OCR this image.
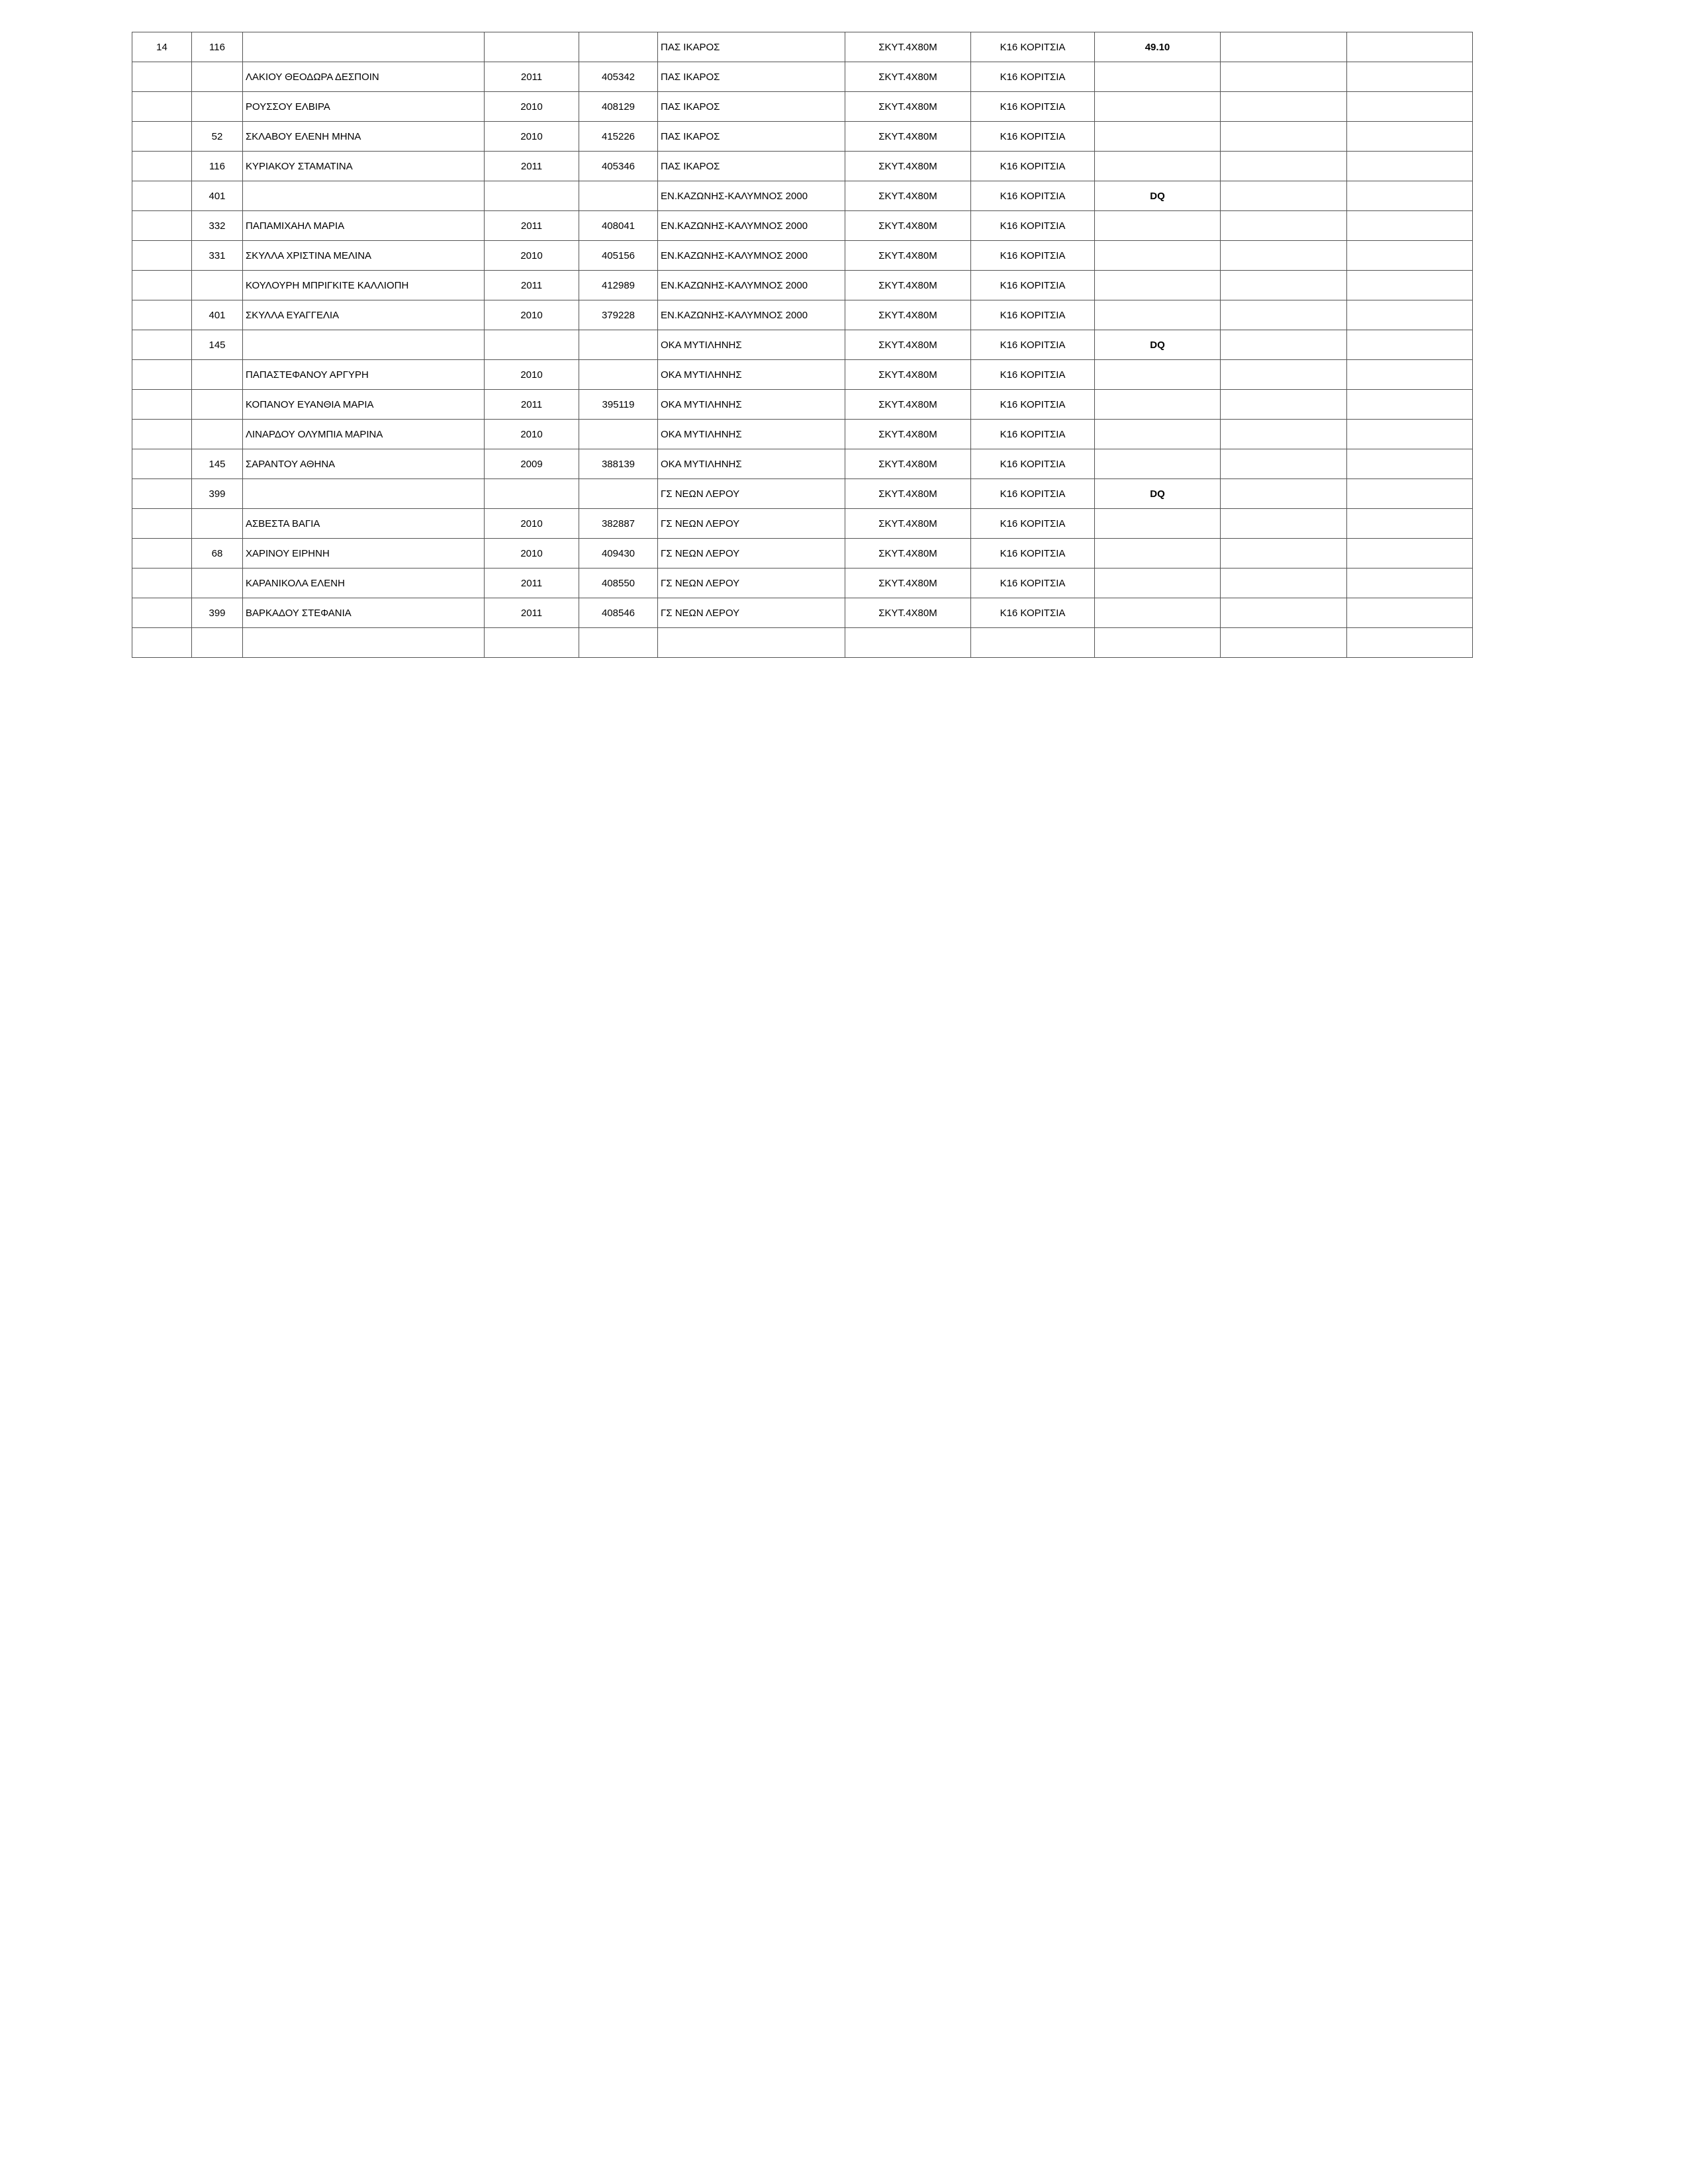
14	116				ΠΑΣ ΙΚΑΡΟΣ	ΣΚΥΤ.4Χ80Μ	Κ16 ΚΟΡΙΤΣΙΑ	49.10		
		ΛΑΚΙΟΥ ΘΕΟΔΩΡΑ ΔΕΣΠΟΙΝ	2011	405342	ΠΑΣ ΙΚΑΡΟΣ	ΣΚΥΤ.4Χ80Μ	Κ16 ΚΟΡΙΤΣΙΑ			
		ΡΟΥΣΣΟΥ ΕΛΒΙΡΑ	2010	408129	ΠΑΣ ΙΚΑΡΟΣ	ΣΚΥΤ.4Χ80Μ	Κ16 ΚΟΡΙΤΣΙΑ			
	52	ΣΚΛΑΒΟΥ ΕΛΕΝΗ ΜΗΝΑ	2010	415226	ΠΑΣ ΙΚΑΡΟΣ	ΣΚΥΤ.4Χ80Μ	Κ16 ΚΟΡΙΤΣΙΑ			
	116	ΚΥΡΙΑΚΟΥ ΣΤΑΜΑΤΙΝΑ	2011	405346	ΠΑΣ ΙΚΑΡΟΣ	ΣΚΥΤ.4Χ80Μ	Κ16 ΚΟΡΙΤΣΙΑ			
	401				ΕΝ.ΚΑΖΩΝΗΣ-ΚΑΛΥΜΝΟΣ 2000	ΣΚΥΤ.4Χ80Μ	Κ16 ΚΟΡΙΤΣΙΑ	DQ		
	332	ΠΑΠΑΜΙΧΑΗΛ ΜΑΡΙΑ	2011	408041	ΕΝ.ΚΑΖΩΝΗΣ-ΚΑΛΥΜΝΟΣ 2000	ΣΚΥΤ.4Χ80Μ	Κ16 ΚΟΡΙΤΣΙΑ			
	331	ΣΚΥΛΛΑ ΧΡΙΣΤΙΝΑ ΜΕΛΙΝΑ	2010	405156	ΕΝ.ΚΑΖΩΝΗΣ-ΚΑΛΥΜΝΟΣ 2000	ΣΚΥΤ.4Χ80Μ	Κ16 ΚΟΡΙΤΣΙΑ			
		ΚΟΥΛΟΥΡΗ ΜΠΡΙΓΚΙΤΕ ΚΑΛΛΙΟΠΗ	2011	412989	ΕΝ.ΚΑΖΩΝΗΣ-ΚΑΛΥΜΝΟΣ 2000	ΣΚΥΤ.4Χ80Μ	Κ16 ΚΟΡΙΤΣΙΑ			
	401	ΣΚΥΛΛΑ ΕΥΑΓΓΕΛΙΑ	2010	379228	ΕΝ.ΚΑΖΩΝΗΣ-ΚΑΛΥΜΝΟΣ 2000	ΣΚΥΤ.4Χ80Μ	Κ16 ΚΟΡΙΤΣΙΑ			
	145				ΟΚΑ ΜΥΤΙΛΗΝΗΣ	ΣΚΥΤ.4Χ80Μ	Κ16 ΚΟΡΙΤΣΙΑ	DQ		
		ΠΑΠΑΣΤΕΦΑΝΟΥ ΑΡΓΥΡΗ	2010		ΟΚΑ ΜΥΤΙΛΗΝΗΣ	ΣΚΥΤ.4Χ80Μ	Κ16 ΚΟΡΙΤΣΙΑ			
		ΚΟΠΑΝΟΥ ΕΥΑΝΘΙΑ ΜΑΡΙΑ	2011	395119	ΟΚΑ ΜΥΤΙΛΗΝΗΣ	ΣΚΥΤ.4Χ80Μ	Κ16 ΚΟΡΙΤΣΙΑ			
		ΛΙΝΑΡΔΟΥ ΟΛΥΜΠΙΑ ΜΑΡΙΝΑ	2010		ΟΚΑ ΜΥΤΙΛΗΝΗΣ	ΣΚΥΤ.4Χ80Μ	Κ16 ΚΟΡΙΤΣΙΑ			
	145	ΣΑΡΑΝΤΟΥ ΑΘΗΝΑ	2009	388139	ΟΚΑ ΜΥΤΙΛΗΝΗΣ	ΣΚΥΤ.4Χ80Μ	Κ16 ΚΟΡΙΤΣΙΑ			
	399				ΓΣ ΝΕΩΝ ΛΕΡΟΥ	ΣΚΥΤ.4Χ80Μ	Κ16 ΚΟΡΙΤΣΙΑ	DQ		
		ΑΣΒΕΣΤΑ ΒΑΓΙΑ	2010	382887	ΓΣ ΝΕΩΝ ΛΕΡΟΥ	ΣΚΥΤ.4Χ80Μ	Κ16 ΚΟΡΙΤΣΙΑ			
	68	ΧΑΡΙΝΟΥ ΕΙΡΗΝΗ	2010	409430	ΓΣ ΝΕΩΝ ΛΕΡΟΥ	ΣΚΥΤ.4Χ80Μ	Κ16 ΚΟΡΙΤΣΙΑ			
		ΚΑΡΑΝΙΚΟΛΑ ΕΛΕΝΗ	2011	408550	ΓΣ ΝΕΩΝ ΛΕΡΟΥ	ΣΚΥΤ.4Χ80Μ	Κ16 ΚΟΡΙΤΣΙΑ			
	399	ΒΑΡΚΑΔΟΥ ΣΤΕΦΑΝΙΑ	2011	408546	ΓΣ ΝΕΩΝ ΛΕΡΟΥ	ΣΚΥΤ.4Χ80Μ	Κ16 ΚΟΡΙΤΣΙΑ			
